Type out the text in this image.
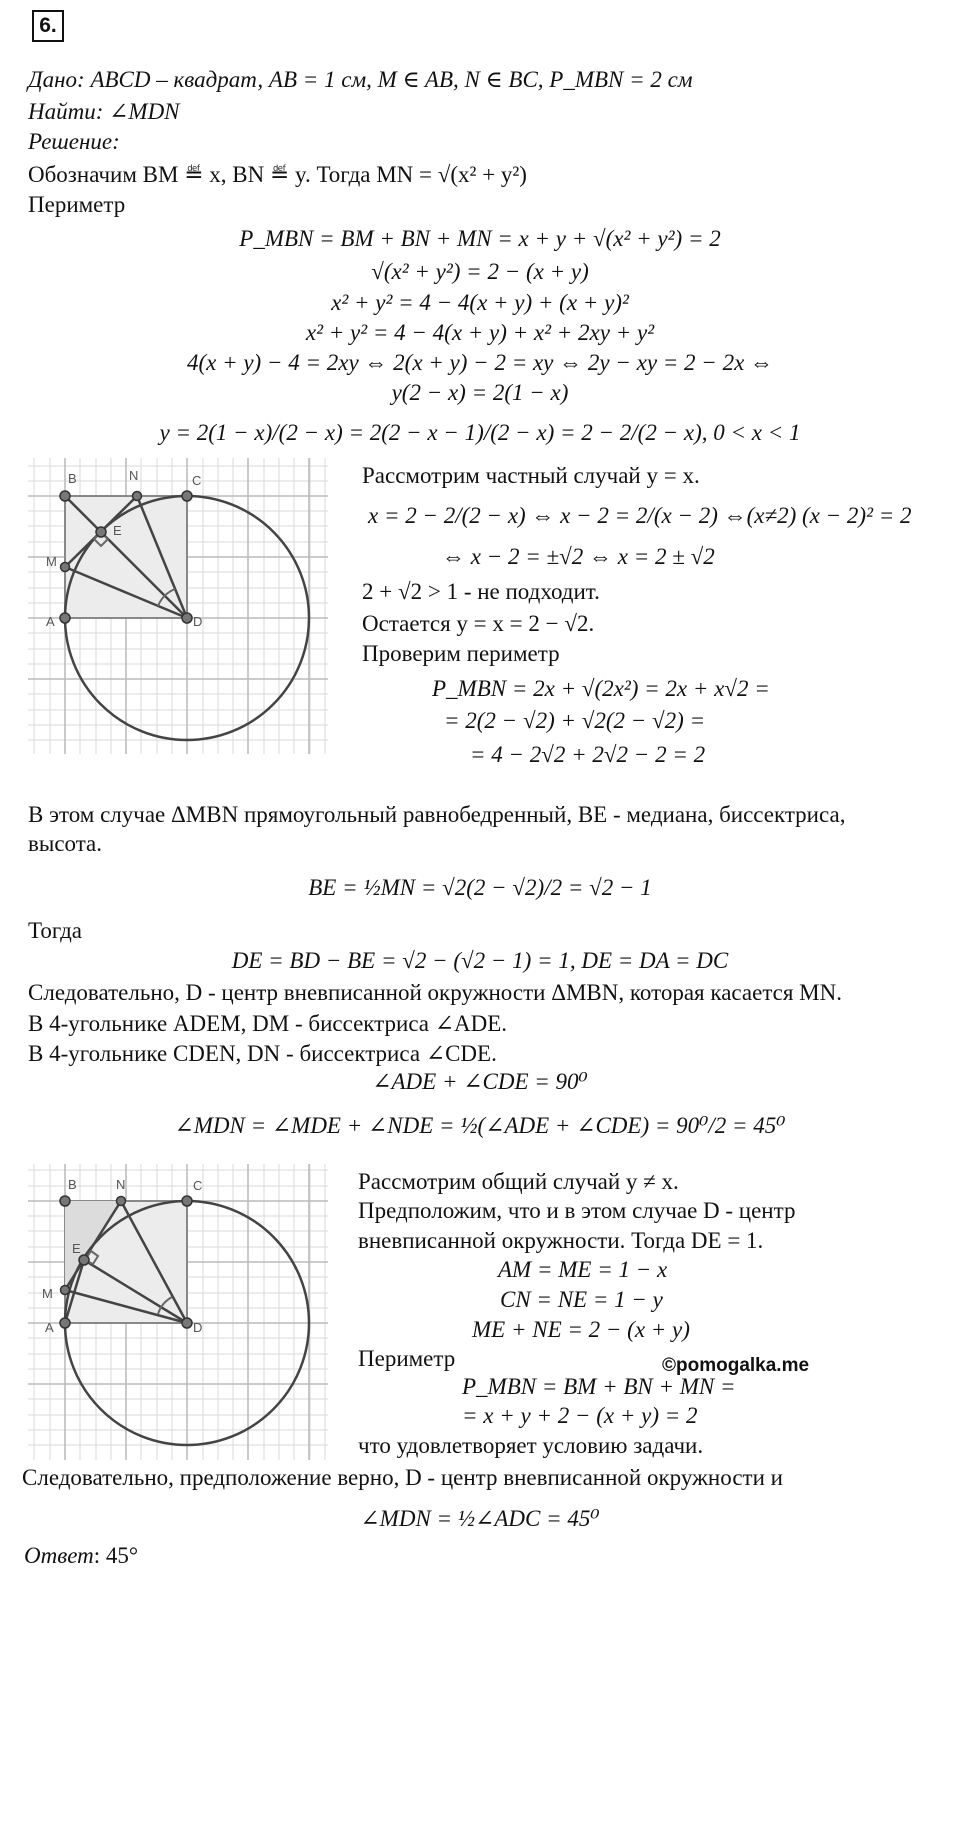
6.
Дано: ABCD – квадрат, AB = 1 см, M ∈ AB, N ∈ BC, P_MBN = 2 см
Найти: ∠MDN
Решение:
Обозначим BM ≝ x, BN ≝ y. Тогда MN = √(x² + y²)
Периметр
P_MBN = BM + BN + MN = x + y + √(x² + y²) = 2
√(x² + y²) = 2 − (x + y)
x² + y² = 4 − 4(x + y) + (x + y)²
x² + y² = 4 − 4(x + y) + x² + 2xy + y²
4(x + y) − 4 = 2xy ⇔ 2(x + y) − 2 = xy ⇔ 2y − xy = 2 − 2x ⇔
y(2 − x) = 2(1 − x)
y = 2(1 − x)/(2 − x) = 2(2 − x − 1)/(2 − x) = 2 − 2/(2 − x), 0 < x < 1
B	N	C
E
M
A	D
Рассмотрим частный случай y = x.
x = 2 − 2/(2 − x) ⇔ x − 2 = 2/(x − 2) ⇔(x≠2) (x − 2)² = 2
⇔ x − 2 = ±√2 ⇔ x = 2 ± √2
2 + √2 > 1 - не подходит.
Остается y = x = 2 − √2.
Проверим периметр
P_MBN = 2x + √(2x²) = 2x + x√2 =
= 2(2 − √2) + √2(2 − √2) =
= 4 − 2√2 + 2√2 − 2 = 2
В этом случае ΔMBN прямоугольный равнобедренный, BE - медиана, биссектриса,
высота.
BE = ½MN = √2(2 − √2)/2 = √2 − 1
Тогда
DE = BD − BE = √2 − (√2 − 1) = 1, DE = DA = DC
Следовательно, D - центр вневписанной окружности ΔMBN, которая касается MN.
В 4-угольнике ADEM, DM - биссектриса ∠ADE.
В 4-угольнике CDEN, DN - биссектриса ∠CDE.
∠ADE + ∠CDE = 90⁰
∠MDN = ∠MDE + ∠NDE = ½(∠ADE + ∠CDE) = 90⁰/2 = 45⁰
B	N	C
E
M
A	D
Рассмотрим общий случай y ≠ x.
Предположим, что и в этом случае D - центр
вневписанной окружности. Тогда DE = 1.
AM = ME = 1 − x
CN = NE = 1 − y
ME + NE = 2 − (x + y)
Периметр	©pomogalka.me
P_MBN = BM + BN + MN =
= x + y + 2 − (x + y) = 2
что удовлетворяет условию задачи.
Следовательно, предположение верно, D - центр вневписанной окружности и
∠MDN = ½∠ADC = 45⁰
Ответ: 45°
